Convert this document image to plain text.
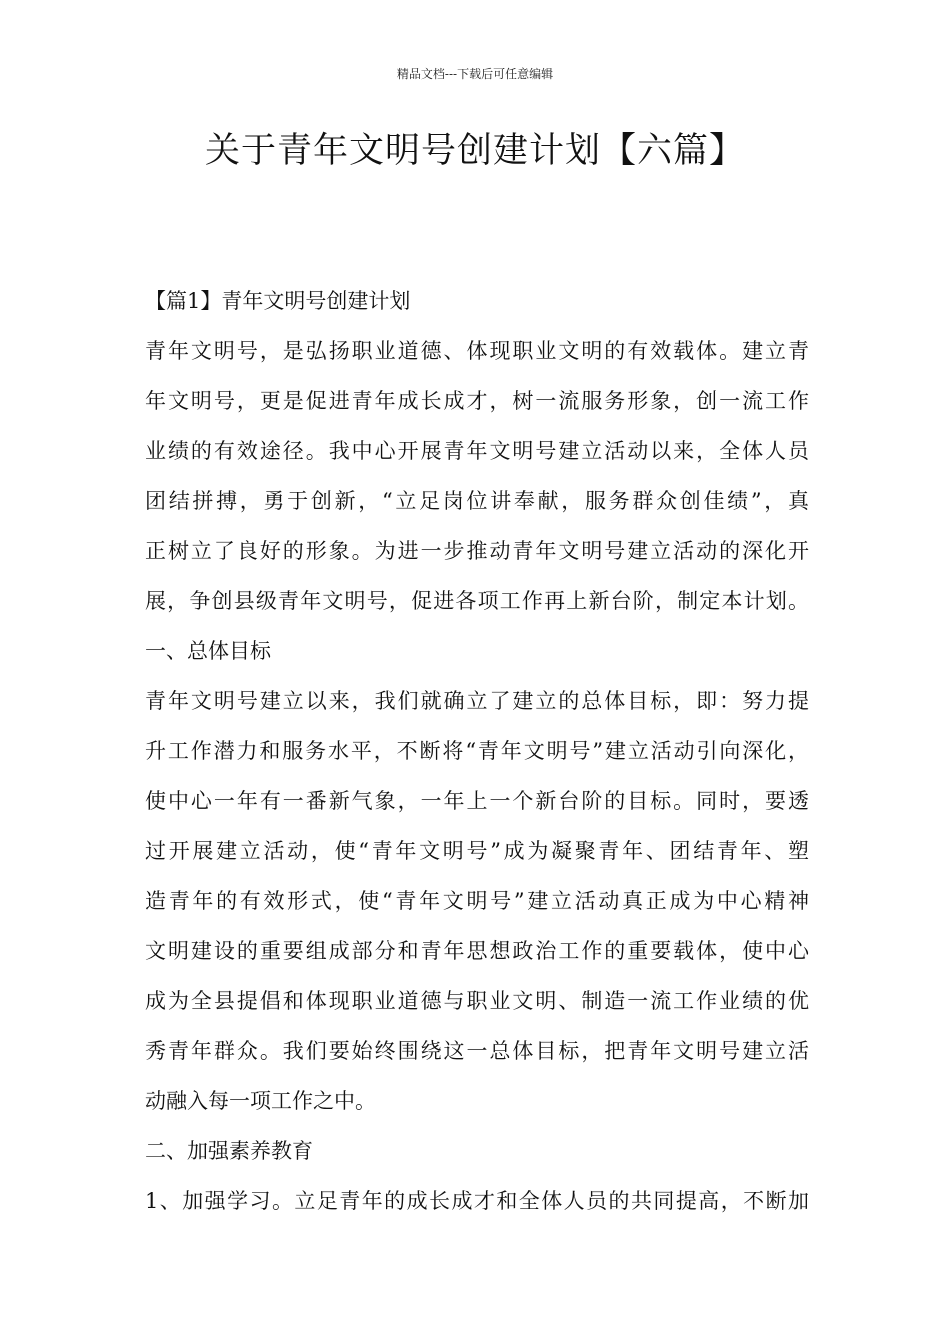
精品文档---下载后可任意编辑
关于青年文明号创建计划【六篇】
【篇1】青年文明号创建计划
青年文明号，是弘扬职业道德、体现职业文明的有效载体。建立青
年文明号，更是促进青年成长成才，树一流服务形象，创一流工作
业绩的有效途径。我中心开展青年文明号建立活动以来，全体人员
团结拼搏，勇于创新，“立足岗位讲奉献，服务群众创佳绩”，真
正树立了良好的形象。为进一步推动青年文明号建立活动的深化开
展，争创县级青年文明号，促进各项工作再上新台阶，制定本计划。
一、总体目标
青年文明号建立以来，我们就确立了建立的总体目标，即：努力提
升工作潜力和服务水平，不断将“青年文明号”建立活动引向深化，
使中心一年有一番新气象，一年上一个新台阶的目标。同时，要透
过开展建立活动，使“青年文明号”成为凝聚青年、团结青年、塑
造青年的有效形式，使“青年文明号”建立活动真正成为中心精神
文明建设的重要组成部分和青年思想政治工作的重要载体，使中心
成为全县提倡和体现职业道德与职业文明、制造一流工作业绩的优
秀青年群众。我们要始终围绕这一总体目标，把青年文明号建立活
动融入每一项工作之中。
二、加强素养教育
1、加强学习。立足青年的成长成才和全体人员的共同提高，不断加
